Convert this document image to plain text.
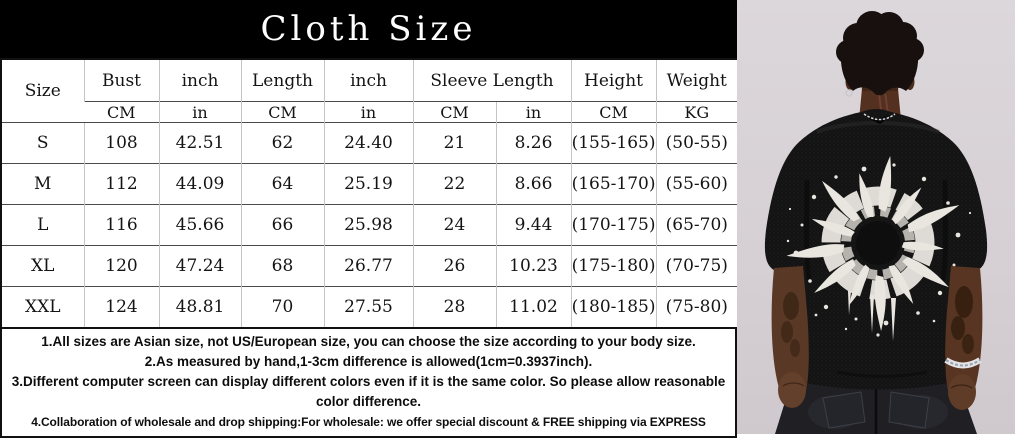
Cloth Size
Size	Bust	inch	Length	inch	Sleeve Length		Height	Weight
	CM	in	CM	in	CM	in	CM	KG
S	108	42.51	62	24.40	21	8.26	(155-165)	(50-55)
M	112	44.09	64	25.19	22	8.66	(165-170)	(55-60)
L	116	45.66	66	25.98	24	9.44	(170-175)	(65-70)
XL	120	47.24	68	26.77	26	10.23	(175-180)	(70-75)
XXL	124	48.81	70	27.55	28	11.02	(180-185)	(75-80)

1.All sizes are Asian size, not US/European size, you can choose the size according to your body size.

2.As measured by hand,1-3cm difference is allowed(1cm=0.3937inch).

3.Different computer screen can display different colors even if it is the same color. So please allow reasonable color difference.

4.Collaboration of wholesale and drop shipping:For wholesale: we offer special discount & FREE shipping via EXPRESS
